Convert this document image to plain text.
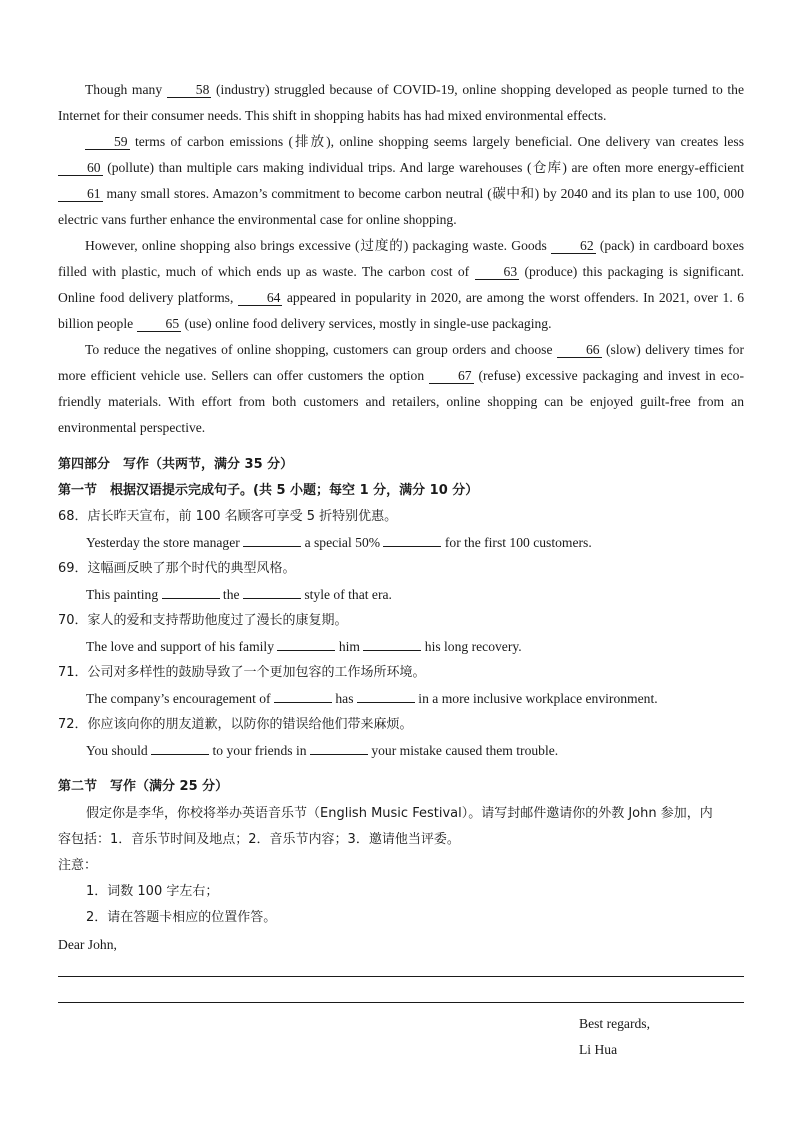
Though many 58 (industry) struggled because of COVID-19, online shopping developed as people turned to the Internet for their consumer needs. This shift in shopping habits has had mixed environmental effects.

59 terms of carbon emissions (排放), online shopping seems largely beneficial. One delivery van creates less 60 (pollute) than multiple cars making individual trips. And large warehouses (仓库) are often more energy-efficient 61 many small stores. Amazon’s commitment to become carbon neutral (碳中和) by 2040 and its plan to use 100, 000 electric vans further enhance the environmental case for online shopping.

However, online shopping also brings excessive (过度的) packaging waste. Goods 62 (pack) in cardboard boxes filled with plastic, much of which ends up as waste. The carbon cost of 63 (produce) this packaging is significant. Online food delivery platforms, 64 appeared in popularity in 2020, are among the worst offenders. In 2021, over 1. 6 billion people 65 (use) online food delivery services, mostly in single-use packaging.

To reduce the negatives of online shopping, customers can group orders and choose 66 (slow) delivery times for more efficient vehicle use. Sellers can offer customers the option 67 (refuse) excessive packaging and invest in eco-friendly materials. With effort from both customers and retailers, online shopping can be enjoyed guilt-free from an environmental perspective.

第四部分　写作（共两节，满分 35 分）
第一节　根据汉语提示完成句子。(共 5 小题；每空 1 分，满分 10 分）
68．店长昨天宣布，前 100 名顾客可享受 5 折特别优惠。
Yesterday the store manager	a special 50%	for the first 100 customers.
69．这幅画反映了那个时代的典型风格。
This painting	the	style of that era.
70．家人的爱和支持帮助他度过了漫长的康复期。
The love and support of his family	him	his long recovery.
71．公司对多样性的鼓励导致了一个更加包容的工作场所环境。
The company’s encouragement of	has	in a more inclusive workplace environment.
72．你应该向你的朋友道歉，以防你的错误给他们带来麻烦。
You should	to your friends in	your mistake caused them trouble.
第二节　写作（满分 25 分）
假定你是李华，你校将举办英语音乐节（English Music Festival）。请写封邮件邀请你的外教 John 参加，内
容包括：1．音乐节时间及地点；2．音乐节内容；3．邀请他当评委。
注意：
1．词数 100 字左右；
2．请在答题卡相应的位置作答。
Dear John,
Best regards,
Li Hua
